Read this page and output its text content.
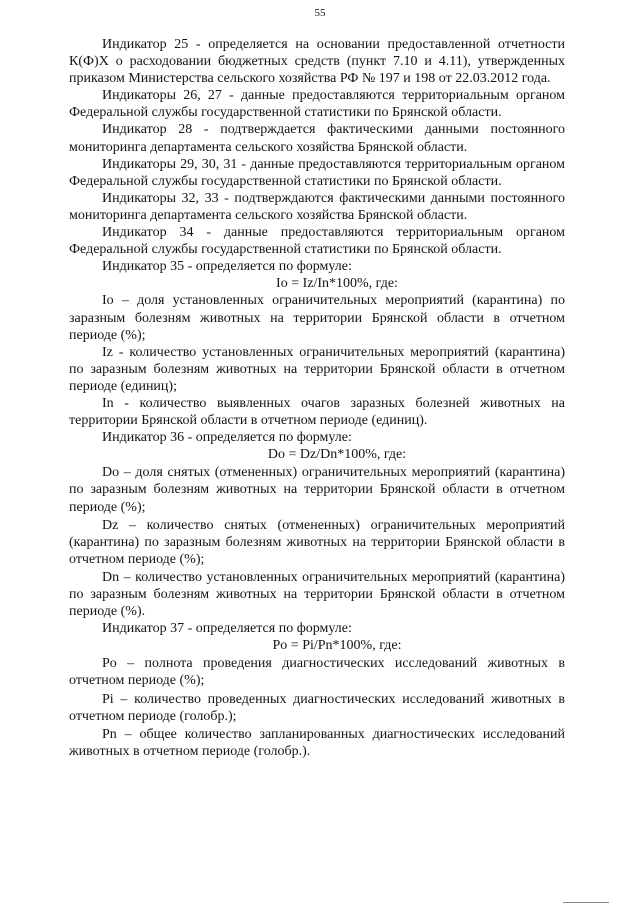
55

Индикатор 25 - определяется на основании предоставленной отчетности К(Ф)Х о расходовании бюджетных средств (пункт 7.10 и 4.11), утвержденных приказом Министерства сельского хозяйства РФ № 197 и 198 от 22.03.2012 года.

Индикаторы 26, 27 - данные предоставляются территориальным органом Федеральной службы государственной статистики по Брянской области.

Индикатор 28 - подтверждается фактическими данными постоянного мониторинга департамента сельского хозяйства Брянской области.

Индикаторы 29, 30, 31 - данные предоставляются территориальным органом Федеральной службы государственной статистики по Брянской области.

Индикаторы 32, 33 - подтверждаются фактическими данными постоянного мониторинга департамента сельского хозяйства Брянской области.

Индикатор 34 - данные предоставляются территориальным органом Федеральной службы государственной статистики по Брянской области.

Индикатор 35 - определяется по формуле:

Io = Iz/In*100%, где:

Io – доля установленных ограничительных мероприятий (карантина) по заразным болезням животных на территории Брянской области в отчетном периоде (%);

Iz - количество установленных ограничительных мероприятий (карантина) по заразным болезням животных на территории Брянской области в отчетном периоде (единиц);

In - количество выявленных очагов заразных болезней животных на территории Брянской области в отчетном периоде (единиц).

Индикатор 36 - определяется по формуле:

Do = Dz/Dn*100%, где:

Do – доля снятых (отмененных) ограничительных мероприятий (карантина) по заразным болезням животных на территории Брянской области в отчетном периоде (%);

Dz – количество снятых (отмененных) ограничительных мероприятий (карантина) по заразным болезням животных на территории Брянской области в отчетном периоде (%);

Dn – количество установленных ограничительных мероприятий (карантина) по заразным болезням животных на территории Брянской области в отчетном периоде (%).

Индикатор 37 - определяется по формуле:

Po = Pi/Pn*100%, где:

Po – полнота проведения диагностических исследований животных в отчетном периоде (%);

Pi – количество проведенных диагностических исследований животных в отчетном периоде (голобр.);

Pn – общее количество запланированных диагностических исследований животных в отчетном периоде (голобр.).
